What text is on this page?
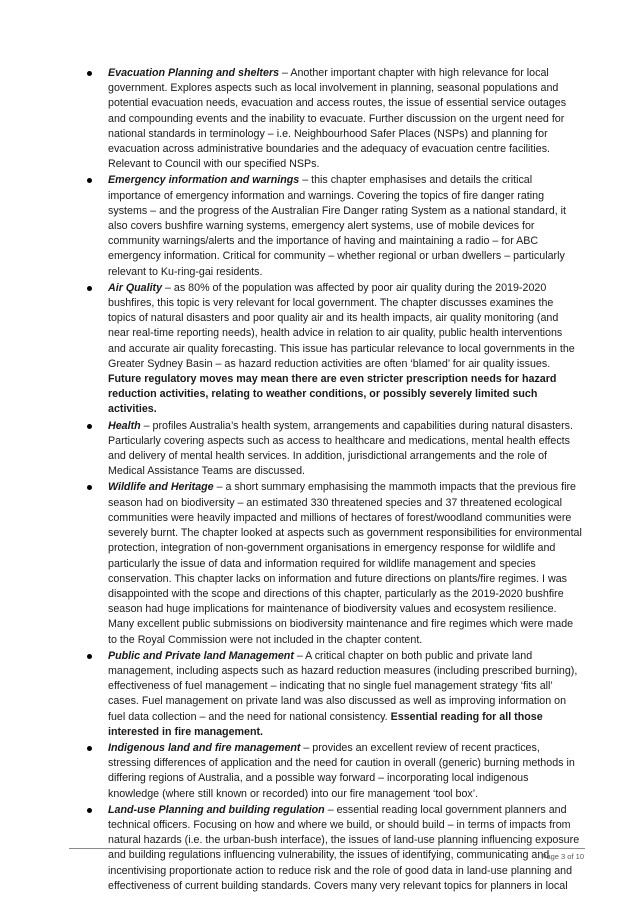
Evacuation Planning and shelters – Another important chapter with high relevance for local government. Explores aspects such as local involvement in planning, seasonal populations and potential evacuation needs, evacuation and access routes, the issue of essential service outages and compounding events and the inability to evacuate. Further discussion on the urgent need for national standards in terminology – i.e. Neighbourhood Safer Places (NSPs) and planning for evacuation across administrative boundaries and the adequacy of evacuation centre facilities. Relevant to Council with our specified NSPs.
Emergency information and warnings – this chapter emphasises and details the critical importance of emergency information and warnings. Covering the topics of fire danger rating systems – and the progress of the Australian Fire Danger rating System as a national standard, it also covers bushfire warning systems, emergency alert systems, use of mobile devices for community warnings/alerts and the importance of having and maintaining a radio – for ABC emergency information. Critical for community – whether regional or urban dwellers – particularly relevant to Ku-ring-gai residents.
Air Quality – as 80% of the population was affected by poor air quality during the 2019-2020 bushfires, this topic is very relevant for local government. The chapter discusses examines the topics of natural disasters and poor quality air and its health impacts, air quality monitoring (and near real-time reporting needs), health advice in relation to air quality, public health interventions and accurate air quality forecasting. This issue has particular relevance to local governments in the Greater Sydney Basin – as hazard reduction activities are often ‘blamed’ for air quality issues. Future regulatory moves may mean there are even stricter prescription needs for hazard reduction activities, relating to weather conditions, or possibly severely limited such activities.
Health – profiles Australia’s health system, arrangements and capabilities during natural disasters. Particularly covering aspects such as access to healthcare and medications, mental health effects and delivery of mental health services. In addition, jurisdictional arrangements and the role of Medical Assistance Teams are discussed.
Wildlife and Heritage – a short summary emphasising the mammoth impacts that the previous fire season had on biodiversity – an estimated 330 threatened species and 37 threatened ecological communities were heavily impacted and millions of hectares of forest/woodland communities were severely burnt. The chapter looked at aspects such as government responsibilities for environmental protection, integration of non-government organisations in emergency response for wildlife and particularly the issue of data and information required for wildlife management and species conservation. This chapter lacks on information and future directions on plants/fire regimes. I was disappointed with the scope and directions of this chapter, particularly as the 2019-2020 bushfire season had huge implications for maintenance of biodiversity values and ecosystem resilience. Many excellent public submissions on biodiversity maintenance and fire regimes which were made to the Royal Commission were not included in the chapter content.
Public and Private land Management – A critical chapter on both public and private land management, including aspects such as hazard reduction measures (including prescribed burning), effectiveness of fuel management – indicating that no single fuel management strategy ‘fits all’ cases. Fuel management on private land was also discussed as well as improving information on fuel data collection – and the need for national consistency. Essential reading for all those interested in fire management.
Indigenous land and fire management – provides an excellent review of recent practices, stressing differences of application and the need for caution in overall (generic) burning methods in differing regions of Australia, and a possible way forward – incorporating local indigenous knowledge (where still known or recorded) into our fire management ‘tool box’.
Land-use Planning and building regulation – essential reading local government planners and technical officers. Focusing on how and where we build, or should build – in terms of impacts from natural hazards (i.e. the urban-bush interface), the issues of land-use planning influencing exposure and building regulations influencing vulnerability, the issues of identifying, communicating and incentivising proportionate action to reduce risk and the role of good data in land-use planning and effectiveness of current building standards. Covers many very relevant topics for planners in local
Page 3 of 10
